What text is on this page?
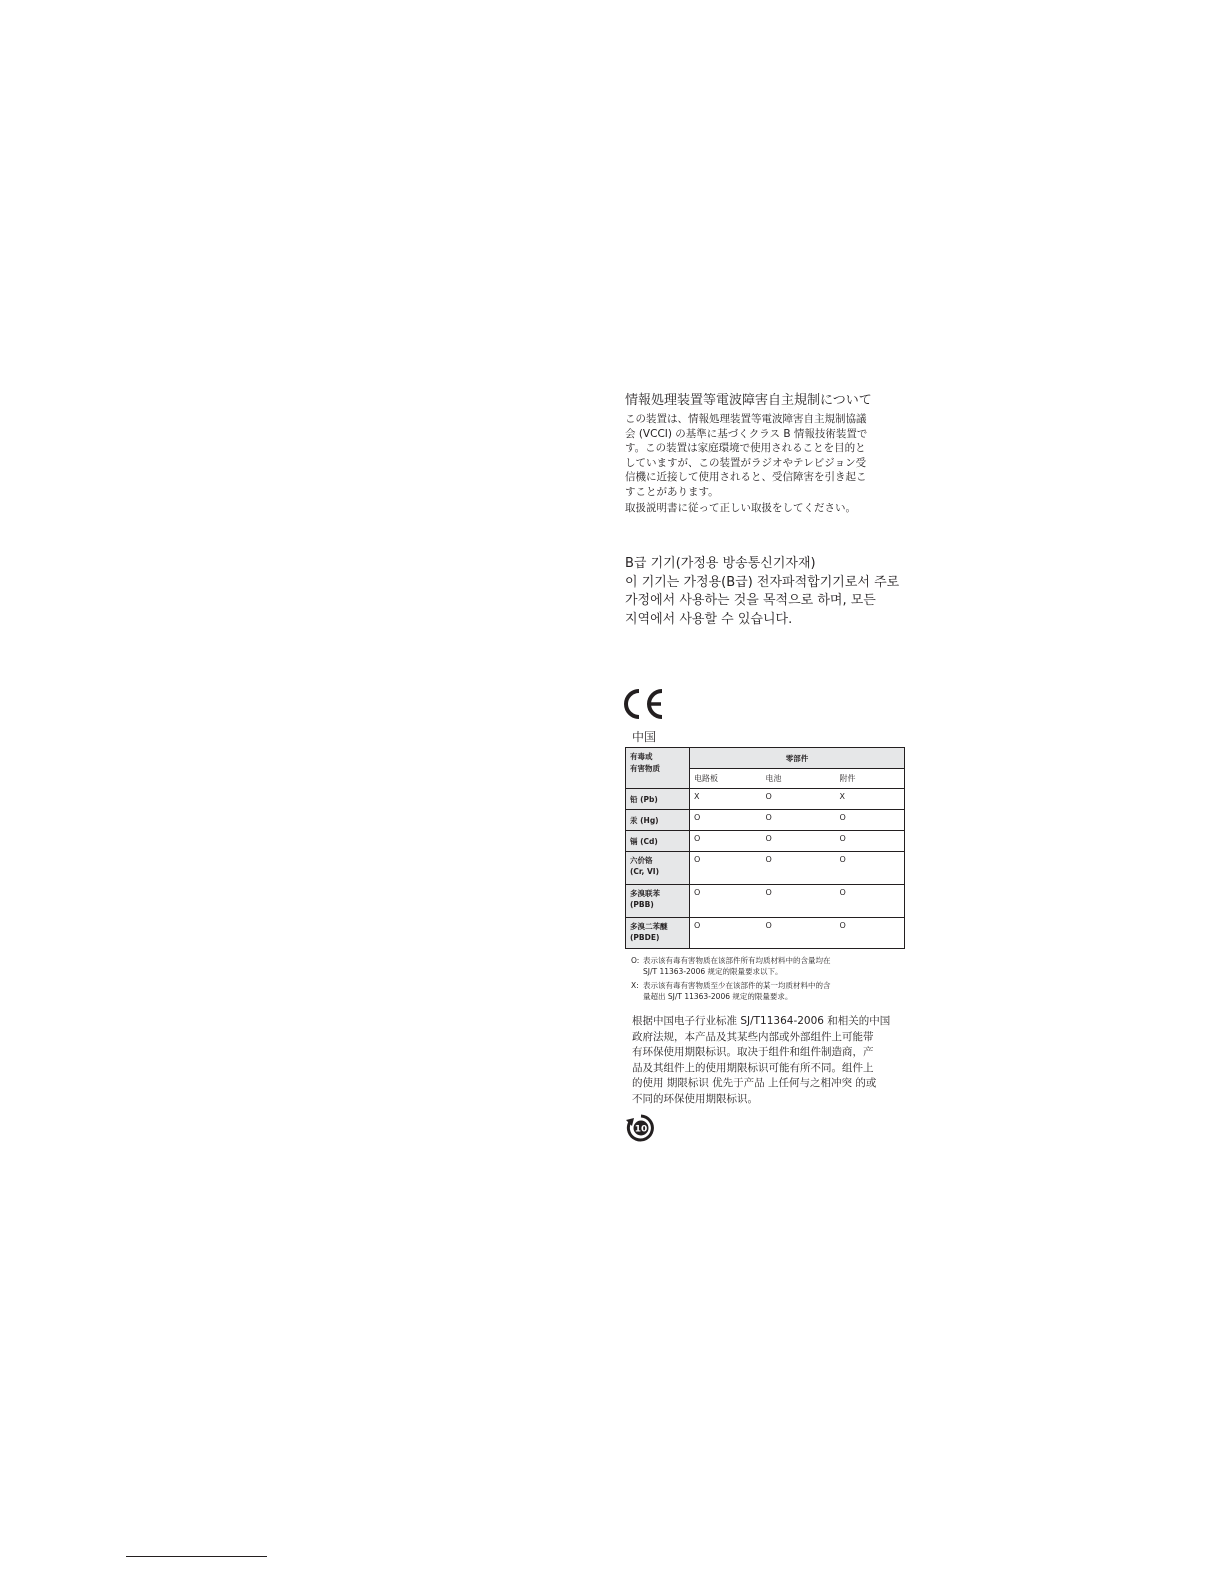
情報処理装置等電波障害自主規制について
この装置は、情報処理装置等電波障害自主規制協議
会 (VCCI) の基準に基づくクラス B 情報技術装置で
す。この装置は家庭環境で使用されることを目的と
していますが、この装置がラジオやテレビジョン受
信機に近接して使用されると、受信障害を引き起こ
すことがあります。
取扱説明書に従って正しい取扱をしてください。
B급 기기(가정용 방송통신기자재)
이 기기는 가정용(B급) 전자파적합기기로서 주로
가정에서 사용하는 것을 목적으로 하며, 모든
지역에서 사용할 수 있습니다.
中国
有毒或
有害物质	零部件		
	电路板	电池	附件
铅 (Pb)	X	O	X
汞 (Hg)	O	O	O
镉 (Cd)	O	O	O

六价铬
(Cr, VI)	O	O	O

多溴联苯
(PBB)	O	O	O

多溴二苯醚
(PBDE)	O	O	O
O: 表示该有毒有害物质在该部件所有均质材料中的含量均在
SJ/T 11363-2006 规定的限量要求以下。
X: 表示该有毒有害物质至少在该部件的某一均质材料中的含
量超出 SJ/T 11363-2006 规定的限量要求。
根据中国电子行业标准 SJ/T11364-2006 和相关的中国
政府法规，本产品及其某些内部或外部组件上可能带
有环保使用期限标识。取决于组件和组件制造商，产
品及其组件上的使用期限标识可能有所不同。组件上
的使用 期限标识 优先于产品 上任何与之相冲突 的或
不同的环保使用期限标识。
10
